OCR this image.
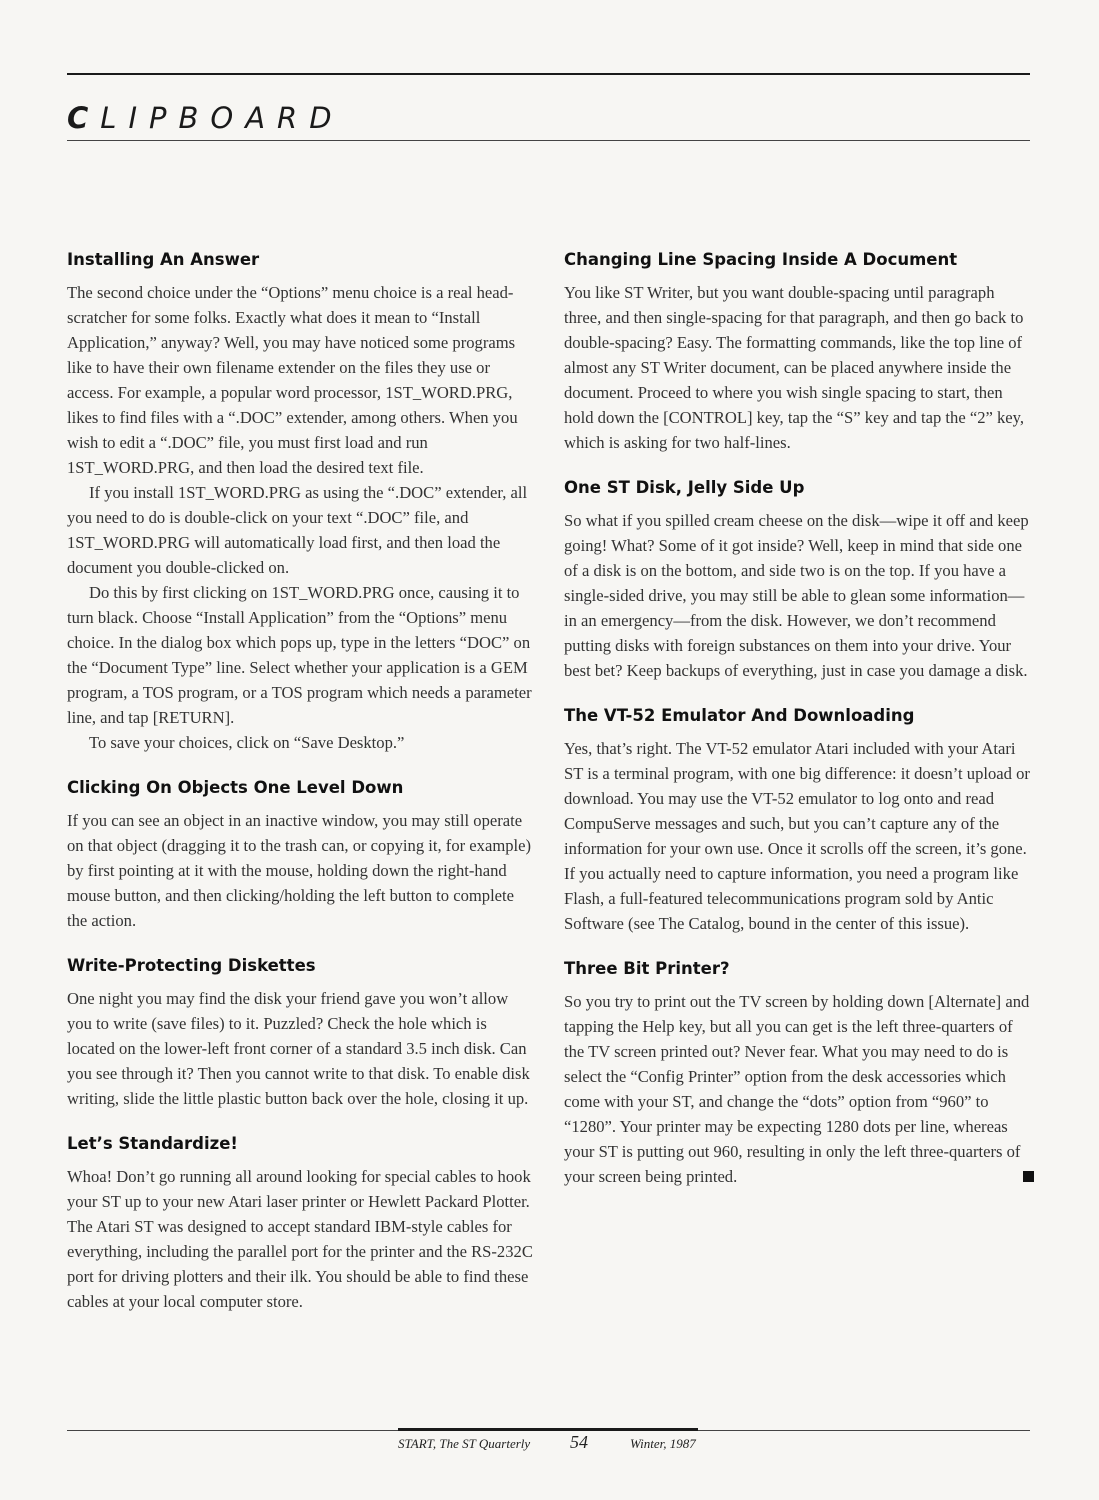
CLIPBOARD
Installing An Answer

The second choice under the “Options” menu choice is a real head-scratcher for some folks. Exactly what does it mean to “Install Application,” anyway? Well, you may have noticed some programs like to have their own filename extender on the files they use or access. For example, a popular word processor, 1ST_WORD.PRG, likes to find files with a “.DOC” extender, among others. When you wish to edit a “.DOC” file, you must first load and run 1ST_WORD.PRG, and then load the desired text file.

If you install 1ST_WORD.PRG as using the “.DOC” extender, all you need to do is double-click on your text “.DOC” file, and 1ST_WORD.PRG will automatically load first, and then load the document you double-clicked on.

Do this by first clicking on 1ST_WORD.PRG once, causing it to turn black. Choose “Install Application” from the “Options” menu choice. In the dialog box which pops up, type in the letters “DOC” on the “Document Type” line. Select whether your application is a GEM program, a TOS program, or a TOS program which needs a parameter line, and tap [RETURN].

To save your choices, click on “Save Desktop.”

Clicking On Objects One Level Down

If you can see an object in an inactive window, you may still operate on that object (dragging it to the trash can, or copying it, for example) by first pointing at it with the mouse, holding down the right-hand mouse button, and then clicking/holding the left button to complete the action.

Write-Protecting Diskettes

One night you may find the disk your friend gave you won’t allow you to write (save files) to it. Puzzled? Check the hole which is located on the lower-left front corner of a standard 3.5 inch disk. Can you see through it? Then you cannot write to that disk. To enable disk writing, slide the little plastic button back over the hole, closing it up.

Let’s Standardize!

Whoa! Don’t go running all around looking for special cables to hook your ST up to your new Atari laser printer or Hewlett Packard Plotter. The Atari ST was designed to accept standard IBM-style cables for everything, including the parallel port for the printer and the RS-232C port for driving plotters and their ilk. You should be able to find these cables at your local computer store.

Changing Line Spacing Inside A Document

You like ST Writer, but you want double-spacing until paragraph three, and then single-spacing for that paragraph, and then go back to double-spacing? Easy. The formatting commands, like the top line of almost any ST Writer document, can be placed anywhere inside the document. Proceed to where you wish single spacing to start, then hold down the [CONTROL] key, tap the “S” key and tap the “2” key, which is asking for two half-lines.

One ST Disk, Jelly Side Up

So what if you spilled cream cheese on the disk—wipe it off and keep going! What? Some of it got inside? Well, keep in mind that side one of a disk is on the bottom, and side two is on the top. If you have a single-sided drive, you may still be able to glean some information—in an emergency—from the disk. However, we don’t recommend putting disks with foreign substances on them into your drive. Your best bet? Keep backups of everything, just in case you damage a disk.

The VT-52 Emulator And Downloading

Yes, that’s right. The VT-52 emulator Atari included with your Atari ST is a terminal program, with one big difference: it doesn’t upload or download. You may use the VT-52 emulator to log onto and read CompuServe messages and such, but you can’t capture any of the information for your own use. Once it scrolls off the screen, it’s gone. If you actually need to capture information, you need a program like Flash, a full-featured telecommunications program sold by Antic Software (see The Catalog, bound in the center of this issue).

Three Bit Printer?

So you try to print out the TV screen by holding down [Alternate] and tapping the Help key, but all you can get is the left three-quarters of the TV screen printed out? Never fear. What you may need to do is select the “Config Printer” option from the desk accessories which come with your ST, and change the “dots” option from “960” to “1280”. Your printer may be expecting 1280 dots per line, whereas your ST is putting out 960, resulting in only the left three-quarters of your screen being printed.

START, The ST Quarterly 54	Winter, 1987
